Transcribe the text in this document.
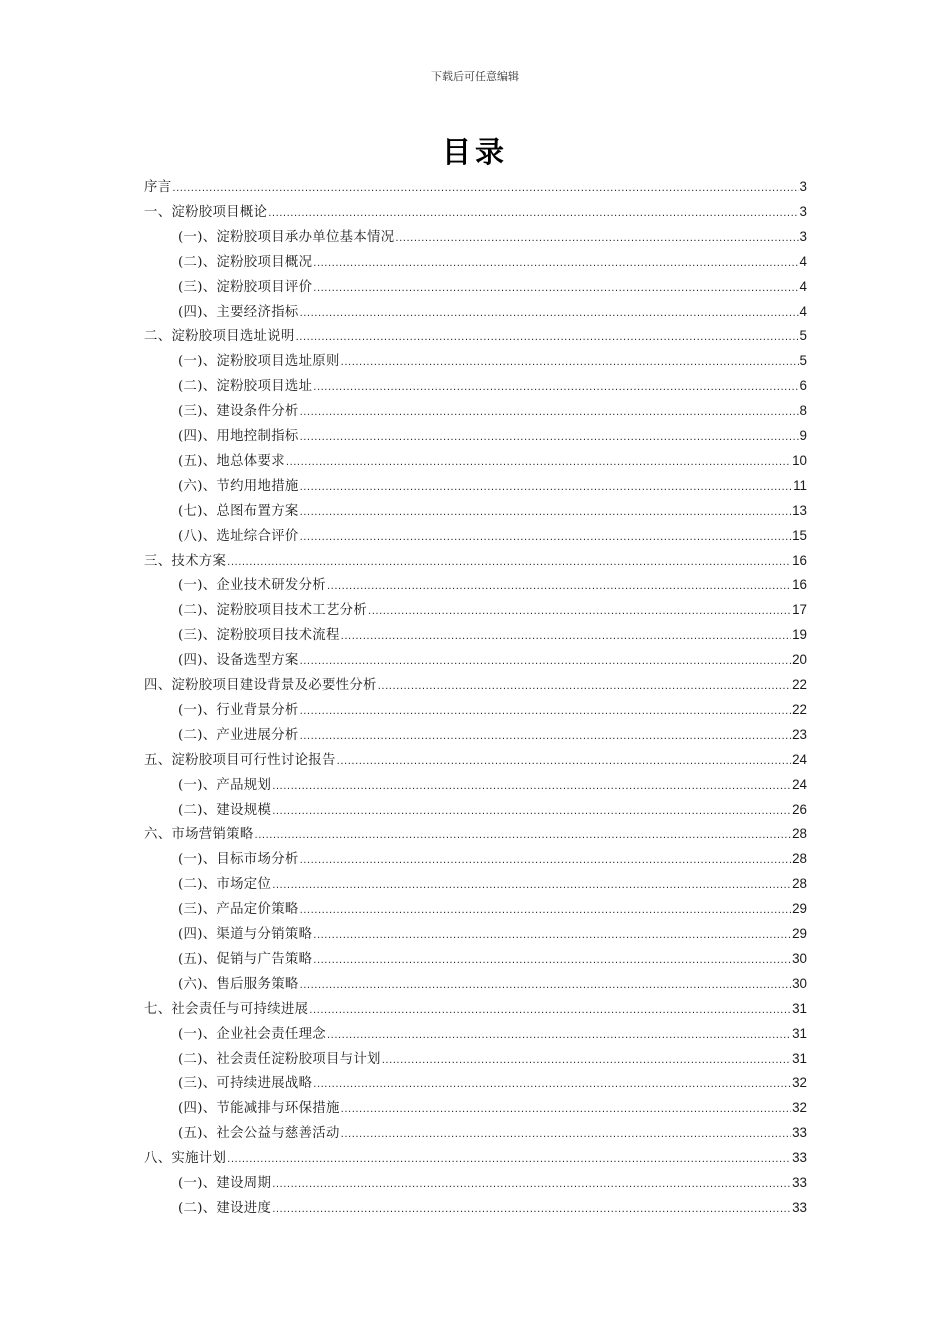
下载后可任意编辑
目录
序言 .....	3
一、淀粉胶项目概论 .....	3
(一)、淀粉胶项目承办单位基本情况 .....	3
(二)、淀粉胶项目概况 .....	4
(三)、淀粉胶项目评价 .....	4
(四)、主要经济指标 .....	4
二、淀粉胶项目选址说明 .....	5
(一)、淀粉胶项目选址原则 .....	5
(二)、淀粉胶项目选址 .....	6
(三)、建设条件分析 .....	8
(四)、用地控制指标 .....	9
(五)、地总体要求 .....	10
(六)、节约用地措施 .....	11
(七)、总图布置方案 .....	13
(八)、选址综合评价 .....	15
三、技术方案 .....	16
(一)、企业技术研发分析 .....	16
(二)、淀粉胶项目技术工艺分析 .....	17
(三)、淀粉胶项目技术流程 .....	19
(四)、设备选型方案 .....	20
四、淀粉胶项目建设背景及必要性分析 .....	22
(一)、行业背景分析 .....	22
(二)、产业进展分析 .....	23
五、淀粉胶项目可行性讨论报告 .....	24
(一)、产品规划 .....	24
(二)、建设规模 .....	26
六、市场营销策略 .....	28
(一)、目标市场分析 .....	28
(二)、市场定位 .....	28
(三)、产品定价策略 .....	29
(四)、渠道与分销策略 .....	29
(五)、促销与广告策略 .....	30
(六)、售后服务策略 .....	30
七、社会责任与可持续进展 .....	31
(一)、企业社会责任理念 .....	31
(二)、社会责任淀粉胶项目与计划 .....	31
(三)、可持续进展战略 .....	32
(四)、节能减排与环保措施 .....	32
(五)、社会公益与慈善活动 .....	33
八、实施计划 .....	33
(一)、建设周期 .....	33
(二)、建设进度 .....	33
